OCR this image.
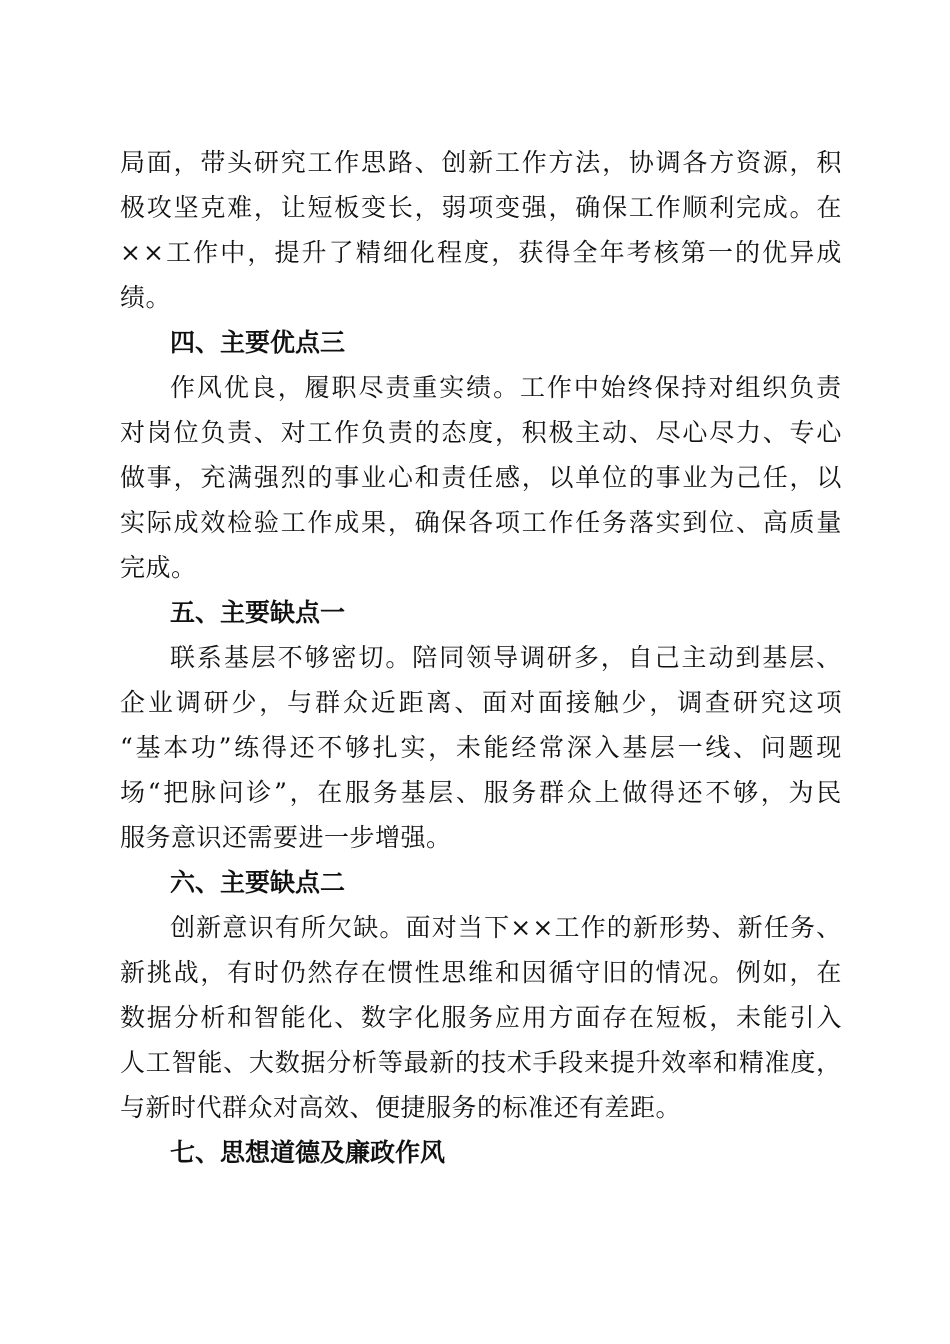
局 面 ， 带 头 研 究 工 作 思 路 、 创 新 工 作 方 法 ， 协 调 各 方 资 源 ， 积
极 攻 坚 克 难 ， 让 短 板 变 长 ， 弱 项 变 强 ， 确 保 工 作 顺 利 完 成 。 在
× × 工 作 中 ， 提 升 了 精 细 化 程 度 ， 获 得 全 年 考 核 第 一 的 优 异 成
绩。
四、主要优点三
作 风 优 良 ， 履 职 尽 责 重 实 绩 。 工 作 中 始 终 保 持 对 组 织 负 责
对 岗 位 负 责 、 对 工 作 负 责 的 态 度 ， 积 极 主 动 、 尽 心 尽 力 、 专 心
做 事 ， 充 满 强 烈 的 事 业 心 和 责 任 感 ， 以 单 位 的 事 业 为 己 任 ， 以
实 际 成 效 检 验 工 作 成 果 ， 确 保 各 项 工 作 任 务 落 实 到 位 、 高 质 量
完成。
五、主要缺点一
联 系 基 层 不 够 密 切 。 陪 同 领 导 调 研 多 ， 自 己 主 动 到 基 层 、
企 业 调 研 少 ， 与 群 众 近 距 离 、 面 对 面 接 触 少 ， 调 查 研 究 这 项
“ 基 本 功 ” 练 得 还 不 够 扎 实 ， 未 能 经 常 深 入 基 层 一 线 、 问 题 现
场 “ 把 脉 问 诊 ” ， 在 服 务 基 层 、 服 务 群 众 上 做 得 还 不 够 ， 为 民
服务意识还需要进一步增强。
六、主要缺点二
创 新 意 识 有 所 欠 缺 。 面 对 当 下 × × 工 作 的 新 形 势 、 新 任 务 、
新 挑 战 ， 有 时 仍 然 存 在 惯 性 思 维 和 因 循 守 旧 的 情 况 。 例 如 ， 在
数 据 分 析 和 智 能 化 、 数 字 化 服 务 应 用 方 面 存 在 短 板 ， 未 能 引 入
人 工 智 能 、 大 数 据 分 析 等 最 新 的 技 术 手 段 来 提 升 效 率 和 精 准 度 ，
与新时代群众对高效、便捷服务的标准还有差距。
七、思想道德及廉政作风
